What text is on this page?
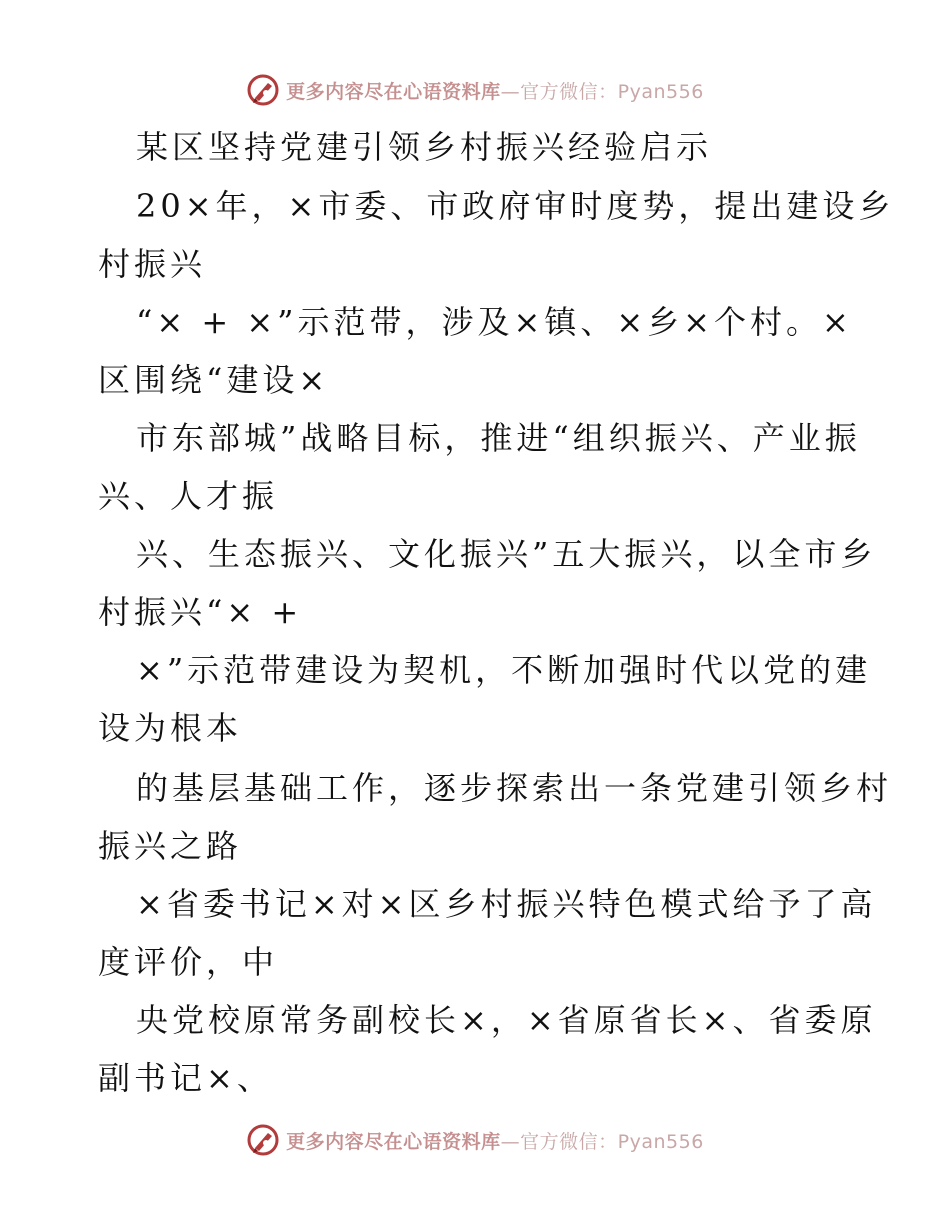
更多内容尽在心语资料库—官方微信：Pyan556
某区坚持党建引领乡村振兴经验启示
20×年，×市委、市政府审时度势，提出建设乡
村振兴
“× + ×”示范带，涉及×镇、×乡×个村。×
区围绕“建设×
市东部城”战略目标，推进“组织振兴、产业振
兴、人才振
兴、生态振兴、文化振兴”五大振兴，以全市乡
村振兴“× +
×”示范带建设为契机，不断加强时代以党的建
设为根本
的基层基础工作，逐步探索出一条党建引领乡村
振兴之路
×省委书记×对×区乡村振兴特色模式给予了高
度评价，中
央党校原常务副校长×，×省原省长×、省委原
副书记×、
更多内容尽在心语资料库—官方微信：Pyan556
